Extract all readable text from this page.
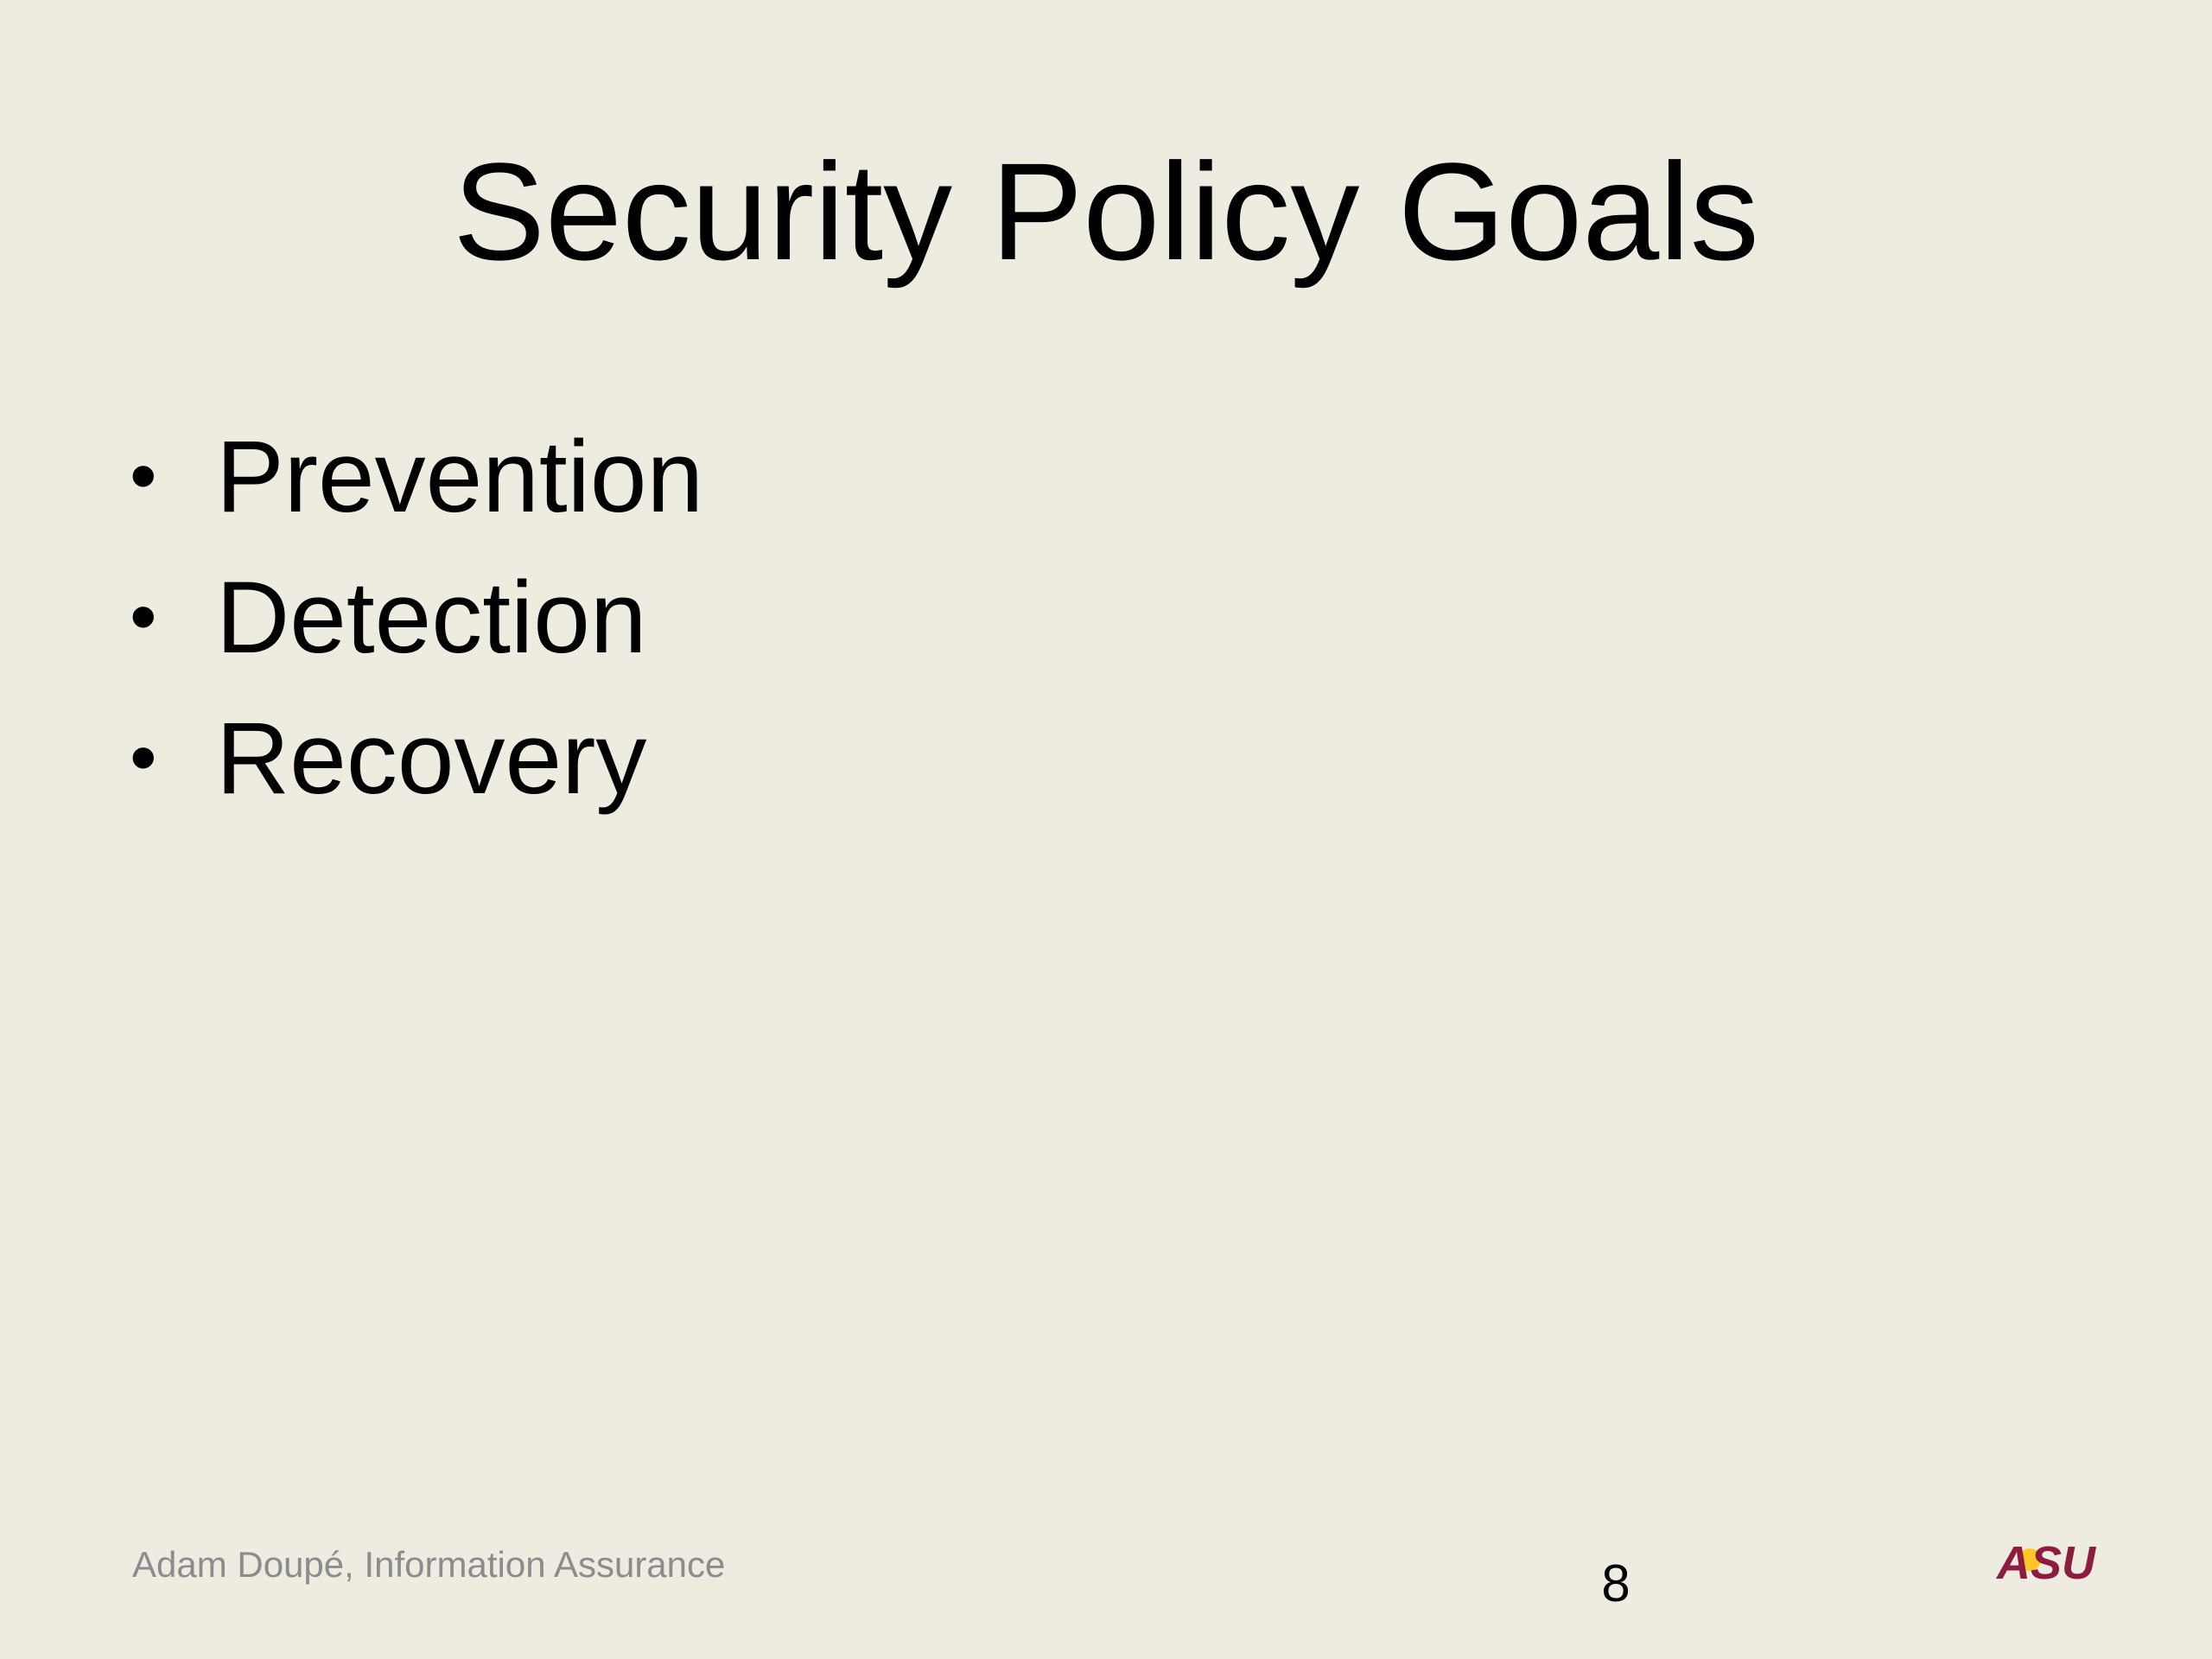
Security Policy Goals
• Prevention
• Detection
• Recovery
Adam Doupé, Information Assurance	8	ASU
